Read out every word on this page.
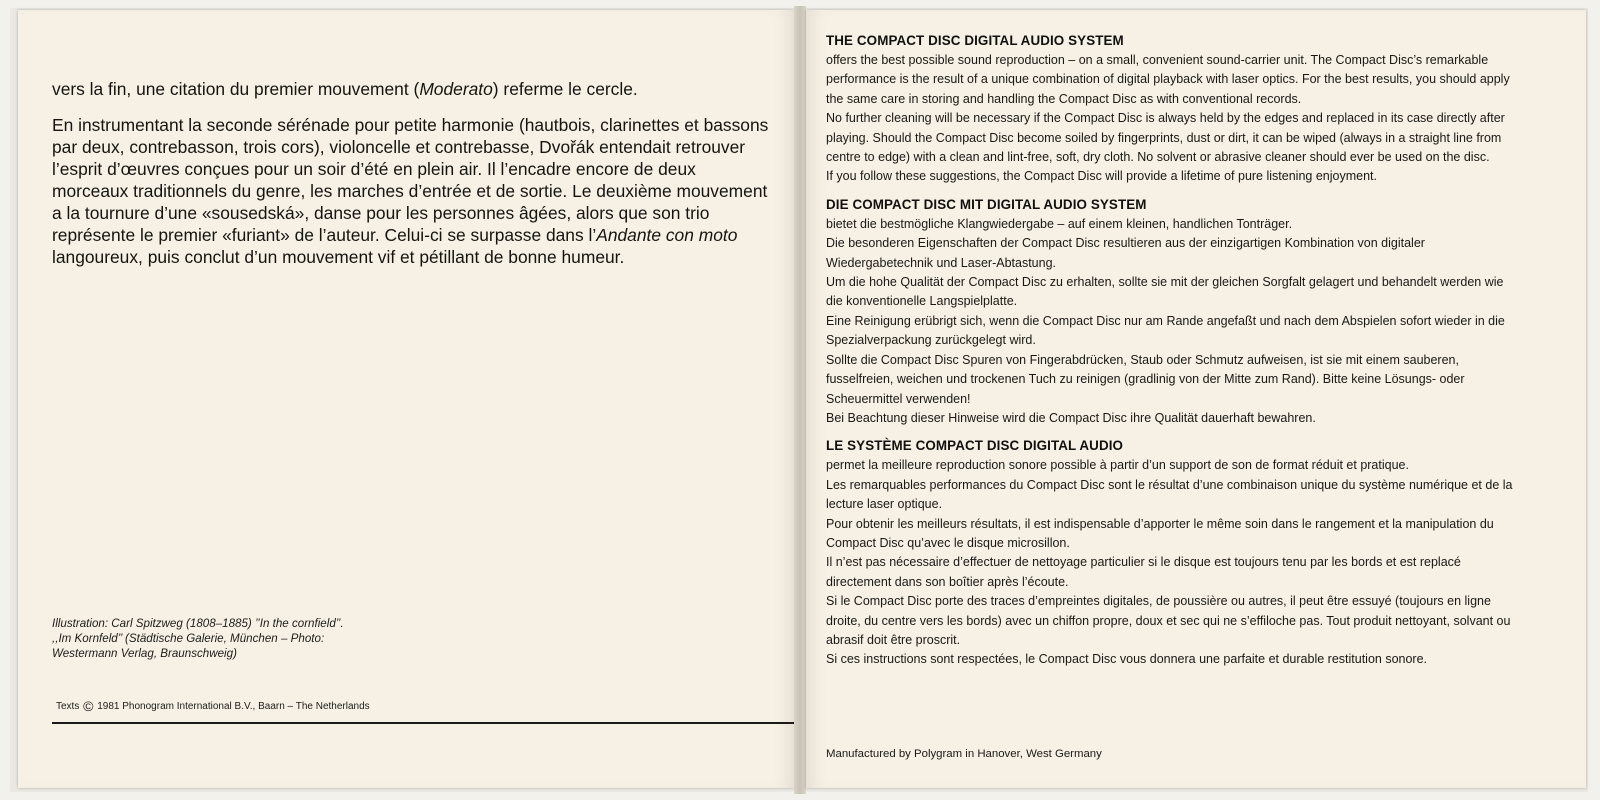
vers la fin, une citation du premier mouvement (Moderato) referme le cercle.

En instrumentant la seconde sérénade pour petite harmonie (hautbois, clarinettes et bassons par deux, contrebasson, trois cors), violoncelle et contrebasse, Dvořák entendait retrouver l’esprit d’œuvres conçues pour un soir d’été en plein air. Il l’encadre encore de deux morceaux traditionnels du genre, les marches d’entrée et de sortie. Le deuxième mouvement a la tournure d’une «sousedská», danse pour les personnes âgées, alors que son trio représente le premier «furiant» de l’auteur. Celui-ci se surpasse dans l’Andante con moto langoureux, puis conclut d’un mouvement vif et pétillant de bonne humeur.

Illustration: Carl Spitzweg (1808–1885) ’’In the cornfield’’.
,,Im Kornfeld’’ (Städtische Galerie, München – Photo:
Westermann Verlag, Braunschweig)
Texts © 1981 Phonogram International B.V., Baarn – The Netherlands
THE COMPACT DISC DIGITAL AUDIO SYSTEM

offers the best possible sound reproduction – on a small, convenient sound-carrier unit. The Compact Disc’s remarkable performance is the result of a unique combination of digital playback with laser optics. For the best results, you should apply the same care in storing and handling the Compact Disc as with conventional records.

No further cleaning will be necessary if the Compact Disc is always held by the edges and replaced in its case directly after playing. Should the Compact Disc become soiled by fingerprints, dust or dirt, it can be wiped (always in a straight line from centre to edge) with a clean and lint-free, soft, dry cloth. No solvent or abrasive cleaner should ever be used on the disc.

If you follow these suggestions, the Compact Disc will provide a lifetime of pure listening enjoyment.

DIE COMPACT DISC MIT DIGITAL AUDIO SYSTEM

bietet die bestmögliche Klangwiedergabe – auf einem kleinen, handlichen Tonträger.

Die besonderen Eigenschaften der Compact Disc resultieren aus der einzigartigen Kombination von digitaler Wiedergabetechnik und Laser-Abtastung.

Um die hohe Qualität der Compact Disc zu erhalten, sollte sie mit der gleichen Sorgfalt gelagert und behandelt werden wie die konventionelle Langspielplatte.

Eine Reinigung erübrigt sich, wenn die Compact Disc nur am Rande angefaßt und nach dem Abspielen sofort wieder in die Spezialverpackung zurückgelegt wird.

Sollte die Compact Disc Spuren von Fingerabdrücken, Staub oder Schmutz aufweisen, ist sie mit einem sauberen, fusselfreien, weichen und trockenen Tuch zu reinigen (gradlinig von der Mitte zum Rand). Bitte keine Lösungs- oder Scheuermittel verwenden!

Bei Beachtung dieser Hinweise wird die Compact Disc ihre Qualität dauerhaft bewahren.

LE SYSTÈME COMPACT DISC DIGITAL AUDIO

permet la meilleure reproduction sonore possible à partir d’un support de son de format réduit et pratique.

Les remarquables performances du Compact Disc sont le résultat d’une combinaison unique du système numérique et de la lecture laser optique.

Pour obtenir les meilleurs résultats, il est indispensable d’apporter le même soin dans le rangement et la manipulation du Compact Disc qu’avec le disque microsillon.

Il n’est pas nécessaire d’effectuer de nettoyage particulier si le disque est toujours tenu par les bords et est replacé directement dans son boîtier après l’écoute.

Si le Compact Disc porte des traces d’empreintes digitales, de poussière ou autres, il peut être essuyé (toujours en ligne droite, du centre vers les bords) avec un chiffon propre, doux et sec qui ne s’effiloche pas. Tout produit nettoyant, solvant ou abrasif doit être proscrit.

Si ces instructions sont respectées, le Compact Disc vous donnera une parfaite et durable restitution sonore.

Manufactured by Polygram in Hanover, West Germany
